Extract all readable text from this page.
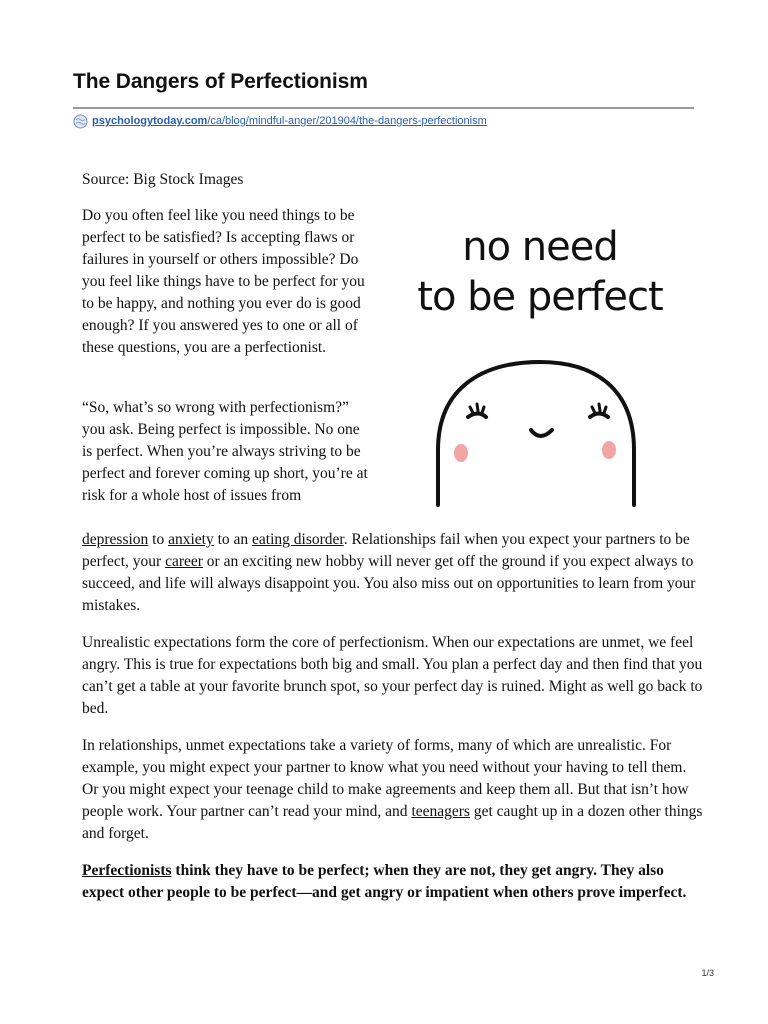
The Dangers of Perfectionism
psychologytoday.com /ca/blog/mindful-anger/201904/the-dangers-perfectionism

Source: Big Stock Images

Do you often feel like you need things to be perfect to be satisfied? Is accepting flaws or failures in yourself or others impossible? Do you feel like things have to be perfect for you to be happy, and nothing you ever do is good enough? If you answered yes to one or all of these questions, you are a perfectionist.

no need
to be perfect

“So, what’s so wrong with perfectionism?” you ask. Being perfect is impossible. No one is perfect. When you’re always striving to be perfect and forever coming up short, you’re at risk for a whole host of issues from

depression to anxiety to an eating disorder. Relationships fail when you expect your partners to be perfect, your career or an exciting new hobby will never get off the ground if you expect always to succeed, and life will always disappoint you. You also miss out on opportunities to learn from your mistakes.

Unrealistic expectations form the core of perfectionism. When our expectations are unmet, we feel angry. This is true for expectations both big and small. You plan a perfect day and then find that you can’t get a table at your favorite brunch spot, so your perfect day is ruined. Might as well go back to bed.

In relationships, unmet expectations take a variety of forms, many of which are unrealistic. For example, you might expect your partner to know what you need without your having to tell them. Or you might expect your teenage child to make agreements and keep them all. But that isn’t how people work. Your partner can’t read your mind, and teenagers get caught up in a dozen other things and forget.

Perfectionists think they have to be perfect; when they are not, they get angry. They also expect other people to be perfect—and get angry or impatient when others prove imperfect.

1/3
